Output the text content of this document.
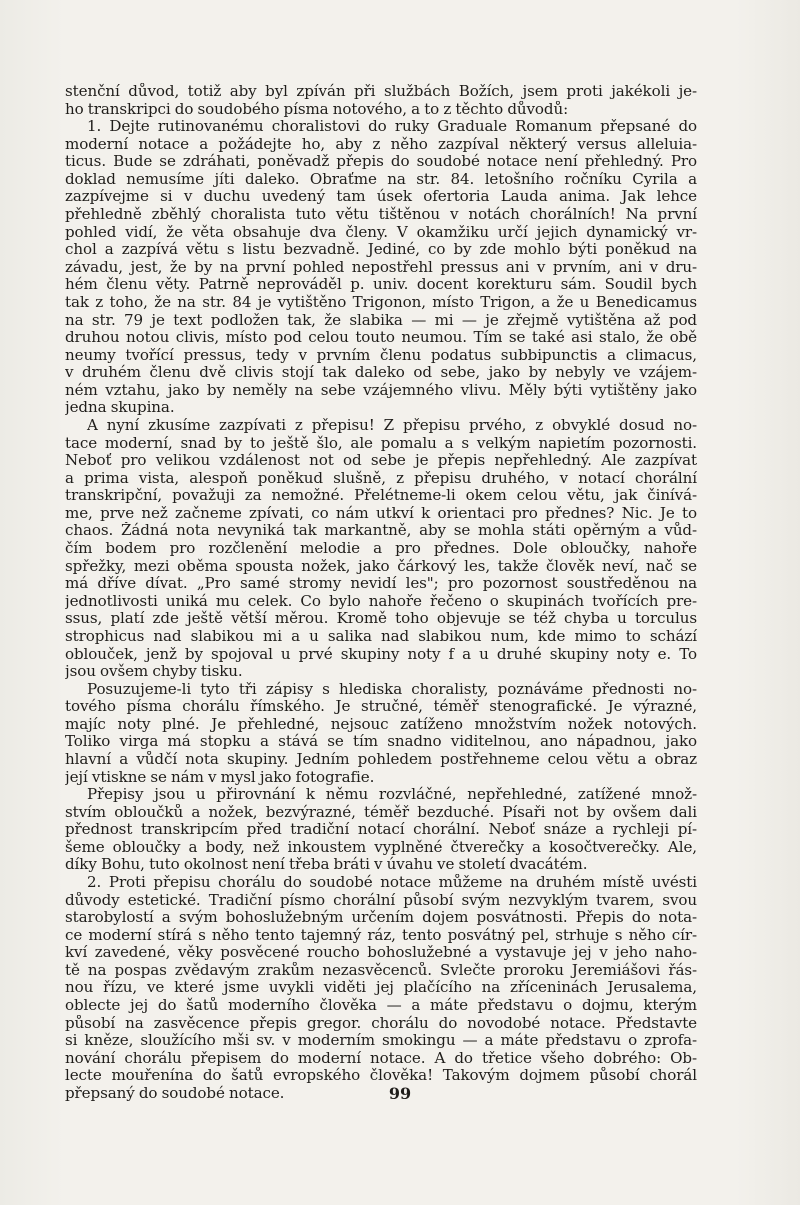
stenční důvod, totiž aby byl zpíván při službách Božích, jsem proti jakékoli je-
ho transkripci do soudobého písma notového, a to z těchto důvodů:
1. Dejte rutinovanému choralistovi do ruky Graduale Romanum přepsané do
moderní notace a požádejte ho, aby z něho zazpíval některý versus alleluia-
ticus. Bude se zdráhati, poněvadž přepis do soudobé notace není přehledný. Pro
doklad nemusíme jíti daleko. Obraťme na str. 84. letošního ročníku Cyrila a
zazpívejme si v duchu uvedený tam úsek ofertoria Lauda anima. Jak lehce
přehledně zběhlý choralista tuto větu tištěnou v notách chorálních! Na první
pohled vidí, že věta obsahuje dva členy. V okamžiku určí jejich dynamický vr-
chol a zazpívá větu s listu bezvadně. Jediné, co by zde mohlo býti poněkud na
závadu, jest, že by na první pohled nepostřehl pressus ani v prvním, ani v dru-
hém členu věty. Patrně neprováděl p. univ. docent korekturu sám. Soudil bych
tak z toho, že na str. 84 je vytištěno Trigonon, místo Trigon, a že u Benedicamus
na str. 79 je text podložen tak, že slabika — mi — je zřejmě vytištěna až pod
druhou notou clivis, místo pod celou touto neumou. Tím se také asi stalo, že obě
neumy tvořící pressus, tedy v prvním členu podatus subbipunctis a climacus,
v druhém členu dvě clivis stojí tak daleko od sebe, jako by nebyly ve vzájem-
ném vztahu, jako by neměly na sebe vzájemného vlivu. Měly býti vytištěny jako
jedna skupina.
A nyní zkusíme zazpívati z přepisu! Z přepisu prvého, z obvyklé dosud no-
tace moderní, snad by to ještě šlo, ale pomalu a s velkým napietím pozornosti.
Neboť pro velikou vzdálenost not od sebe je přepis nepřehledný. Ale zazpívat
a prima vista, alespoň poněkud slušně, z přepisu druhého, v notací chorální
transkripční, považuji za nemožné. Přelétneme-li okem celou větu, jak činívá-
me, prve než začneme zpívati, co nám utkví k orientaci pro přednes? Nic. Je to
chaos. Žádná nota nevyniká tak markantně, aby se mohla státi opěrným a vůd-
čím bodem pro rozčlenění melodie a pro přednes. Dole obloučky, nahoře
spřežky, mezi oběma spousta nožek, jako čárkový les, takže člověk neví, nač se
má dříve dívat. „Pro samé stromy nevidí les"; pro pozornost soustředěnou na
jednotlivosti uniká mu celek. Co bylo nahoře řečeno o skupinách tvořících pre-
ssus, platí zde ještě větší měrou. Kromě toho objevuje se též chyba u torculus
strophicus nad slabikou mi a u salika nad slabikou num, kde mimo to schází
oblouček, jenž by spojoval u prvé skupiny noty f a u druhé skupiny noty e. To
jsou ovšem chyby tisku.
Posuzujeme-li tyto tři zápisy s hlediska choralisty, poznáváme přednosti no-
tového písma chorálu římského. Je stručné, téměř stenografické. Je výrazné,
majíc noty plné. Je přehledné, nejsouc zatíženo množstvím nožek notových.
Toliko virga má stopku a stává se tím snadno viditelnou, ano nápadnou, jako
hlavní a vůdčí nota skupiny. Jedním pohledem postřehneme celou větu a obraz
její vtiskne se nám v mysl jako fotografie.
Přepisy jsou u přirovnání k němu rozvláčné, nepřehledné, zatížené množ-
stvím obloučků a nožek, bezvýrazné, téměř bezduché. Písaři not by ovšem dali
přednost transkripcím před tradiční notací chorální. Neboť snáze a rychleji pí-
šeme obloučky a body, než inkoustem vyplněné čtverečky a kosočtverečky. Ale,
díky Bohu, tuto okolnost není třeba bráti v úvahu ve století dvacátém.
2. Proti přepisu chorálu do soudobé notace můžeme na druhém místě uvésti
důvody estetické. Tradiční písmo chorální působí svým nezvyklým tvarem, svou
starobylostí a svým bohoslužebným určením dojem posvátnosti. Přepis do nota-
ce moderní stírá s něho tento tajemný ráz, tento posvátný pel, strhuje s něho cír-
kví zavedené, věky posvěcené roucho bohoslužebné a vystavuje jej v jeho naho-
tě na pospas zvědavým zrakům nezasvěcenců. Svlečte proroku Jeremiášovi řás-
nou řízu, ve které jsme uvykli viděti jej plačícího na zříceninách Jerusalema,
oblecte jej do šatů moderního člověka — a máte představu o dojmu, kterým
působí na zasvěcence přepis gregor. chorálu do novodobé notace. Představte
si kněze, sloužícího mši sv. v moderním smokingu — a máte představu o zprofa-
nování chorálu přepisem do moderní notace. A do třetice všeho dobrého: Ob-
lecte mouřenína do šatů evropského člověka! Takovým dojmem působí chorál
přepsaný do soudobé notace.	99
